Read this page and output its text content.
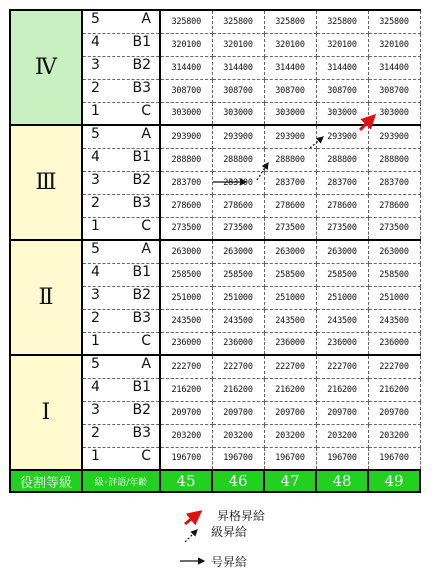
Ⅳ	5 A	325800	325800	325800	325800	325800

	4 B1	320100	320100	320100	320100	320100

	3 B2	314400	314400	314400	314400	314400

	2 B3	308700	308700	308700	308700	308700

	1 C	303000	303000	303000	303000	303000
Ⅲ	5 A	293900	293900	293900	293900	293900

	4 B1	288800	288800	288800	288800	288800

	3 B2	283700	283700	283700	283700	283700

	2 B3	278600	278600	278600	278600	278600

	1 C	273500	273500	273500	273500	273500
Ⅱ	5 A	263000	263000	263000	263000	263000

	4 B1	258500	258500	258500	258500	258500

	3 B2	251000	251000	251000	251000	251000

	2 B3	243500	243500	243500	243500	243500

	1 C	236000	236000	236000	236000	236000
Ⅰ	5 A	222700	222700	222700	222700	222700

	4 B1	216200	216200	216200	216200	216200

	3 B2	209700	209700	209700	209700	209700

	2 B3	203200	203200	203200	203200	203200

	1 C	196700	196700	196700	196700	196700
役割等級	級･評語/年齢	45	46	47	48	49
昇格昇給
級昇給
号昇給
